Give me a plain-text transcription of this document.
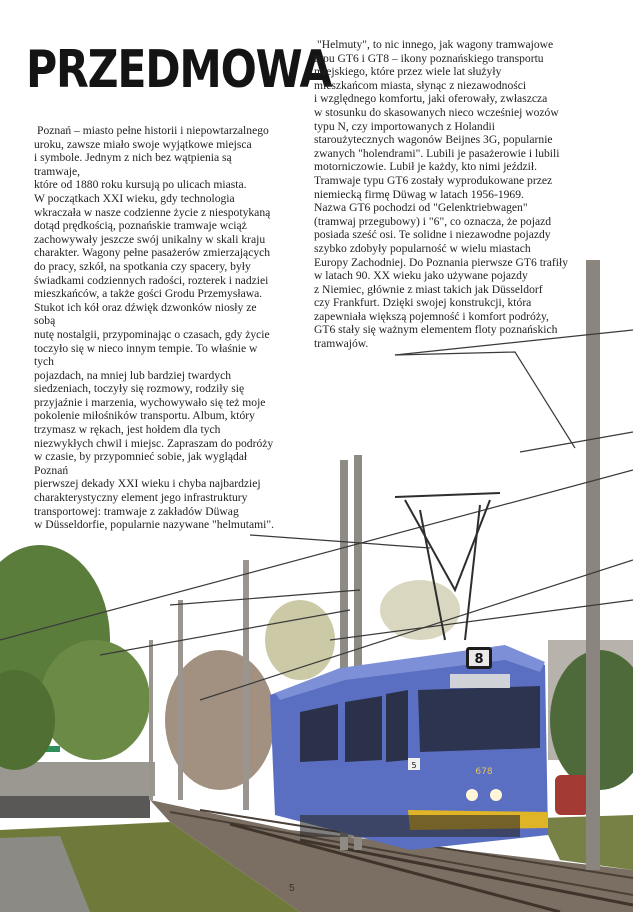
8
5
678
PRZEDMOWA

Poznań – miasto pełne historii i niepowtarzalnego

uroku, zawsze miało swoje wyjątkowe miejsca

i symbole. Jednym z nich bez wątpienia są tramwaje,

które od 1880 roku kursują po ulicach miasta.

W początkach XXI wieku, gdy technologia

wkraczała w nasze codzienne życie z niespotykaną

dotąd prędkością, poznańskie tramwaje wciąż

zachowywały jeszcze swój unikalny w skali kraju

charakter. Wagony pełne pasażerów zmierzających

do pracy, szkół, na spotkania czy spacery, były

świadkami codziennych radości, rozterek i nadziei

mieszkańców, a także gości Grodu Przemysława.

Stukot ich kół oraz dźwięk dzwonków niosły ze sobą

nutę nostalgii, przypominając o czasach, gdy życie

toczyło się w nieco innym tempie. To właśnie w tych

pojazdach, na mniej lub bardziej twardych

siedzeniach, toczyły się rozmowy, rodziły się

przyjaźnie i marzenia, wychowywało się też moje

pokolenie miłośników transportu. Album, który

trzymasz w rękach, jest hołdem dla tych

niezwykłych chwil i miejsc. Zapraszam do podróży

w czasie, by przypomnieć sobie, jak wyglądał Poznań

pierwszej dekady XXI wieku i chyba najbardziej

charakterystyczny element jego infrastruktury

transportowej: tramwaje z zakładów Düwag

w Düsseldorfie, popularnie nazywane "helmutami".

"Helmuty", to nic innego, jak wagony tramwajowe

typu GT6 i GT8 – ikony poznańskiego transportu

miejskiego, które przez wiele lat służyły

mieszkańcom miasta, słynąc z niezawodności

i względnego komfortu, jaki oferowały, zwłaszcza

w stosunku do skasowanych nieco wcześniej wozów

typu N, czy importowanych z Holandii

staroużytecznych wagonów Beijnes 3G, popularnie

zwanych "holendrami". Lubili je pasażerowie i lubili

motorniczowie. Lubił je każdy, kto nimi jeździł.

Tramwaje typu GT6 zostały wyprodukowane przez

niemiecką firmę Düwag w latach 1956-1969.

Nazwa GT6 pochodzi od "Gelenktriebwagen"

(tramwaj przegubowy) i "6", co oznacza, że pojazd

posiada sześć osi. Te solidne i niezawodne pojazdy

szybko zdobyły popularność w wielu miastach

Europy Zachodniej. Do Poznania pierwsze GT6 trafiły

w latach 90. XX wieku jako używane pojazdy

z Niemiec, głównie z miast takich jak Düsseldorf

czy Frankfurt. Dzięki swojej konstrukcji, która

zapewniała większą pojemność i komfort podróży,

GT6 stały się ważnym elementem floty poznańskich

tramwajów.

5
